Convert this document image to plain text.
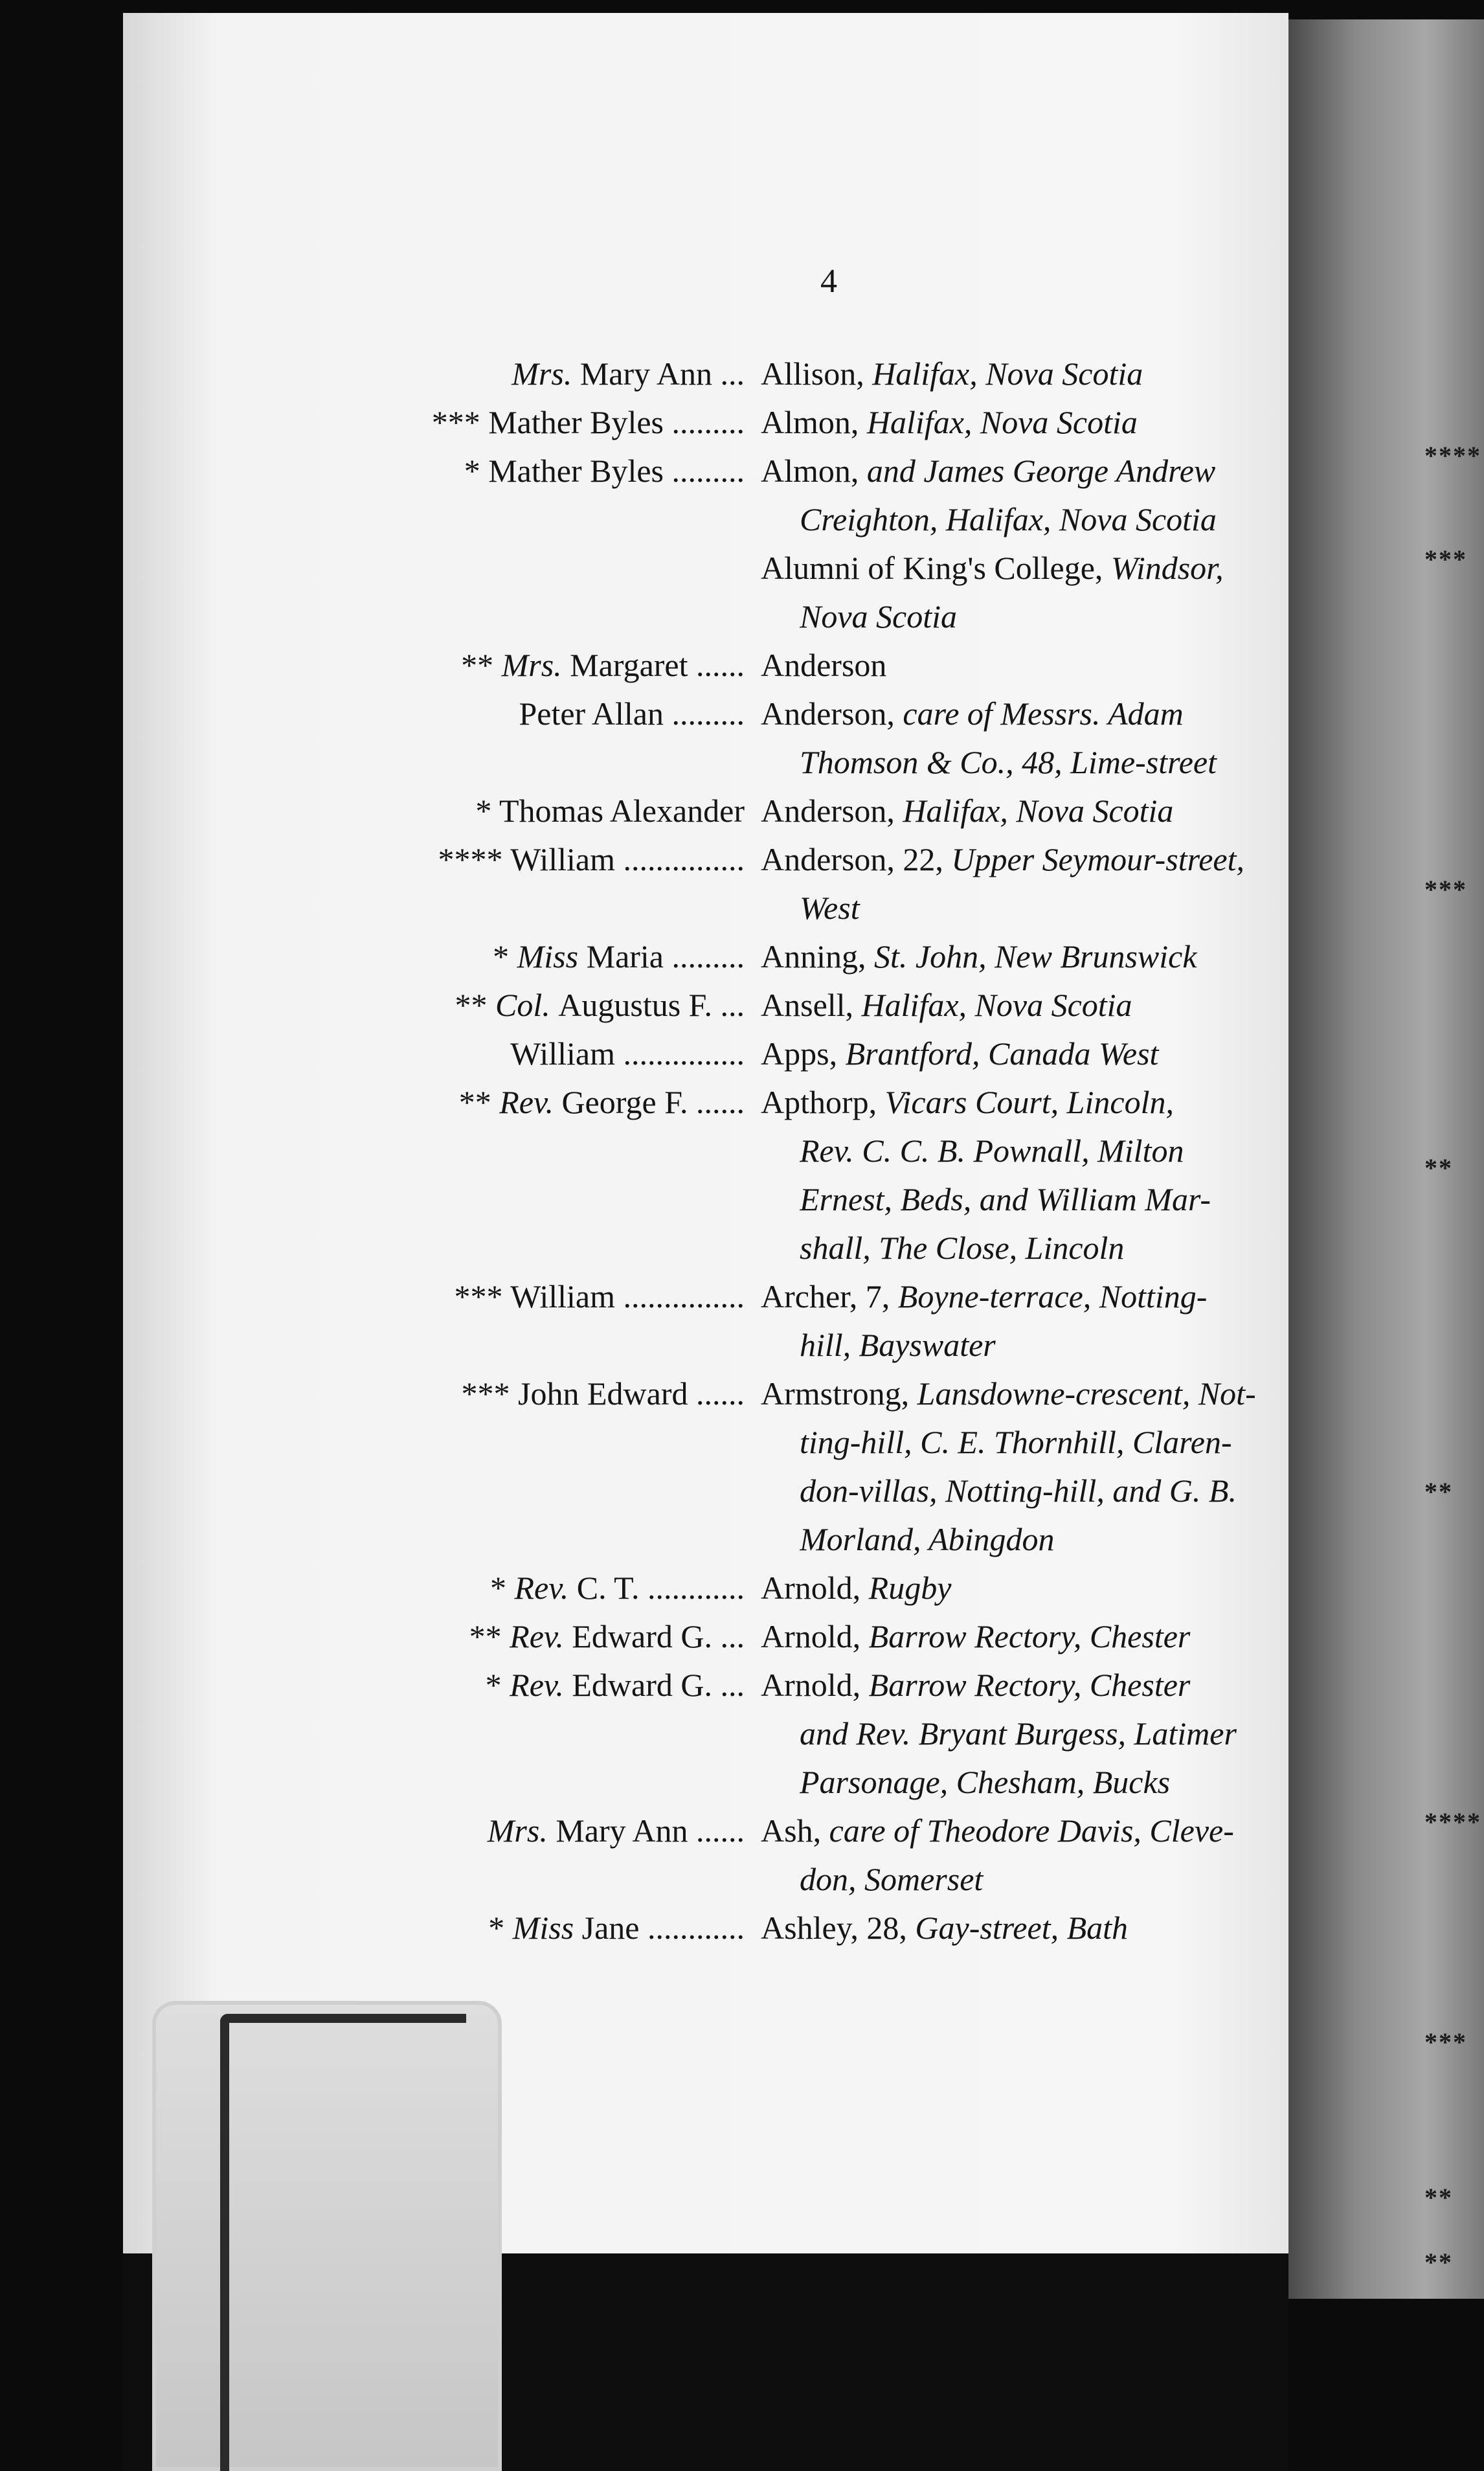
****
***
***
**
**
****
***
**
**
4
Mrs. Mary Ann ... Allison, Halifax, Nova Scotia
*** Mather Byles ......... Almon, Halifax, Nova Scotia
* Mather Byles ......... Almon, and James George Andrew
Creighton, Halifax, Nova Scotia
Alumni of King's College, Windsor,
Nova Scotia
** Mrs. Margaret ...... Anderson
Peter Allan ......... Anderson, care of Messrs. Adam
Thomson & Co., 48, Lime-street
* Thomas Alexander Anderson, Halifax, Nova Scotia
**** William ............... Anderson, 22, Upper Seymour-street,
West
* Miss Maria ......... Anning, St. John, New Brunswick
** Col. Augustus F. ... Ansell, Halifax, Nova Scotia
William ............... Apps, Brantford, Canada West
** Rev. George F. ...... Apthorp, Vicars Court, Lincoln,
Rev. C. C. B. Pownall, Milton
Ernest, Beds, and William Mar-
shall, The Close, Lincoln
*** William ............... Archer, 7, Boyne-terrace, Notting-
hill, Bayswater
*** John Edward ...... Armstrong, Lansdowne-crescent, Not-
ting-hill, C. E. Thornhill, Claren-
don-villas, Notting-hill, and G. B.
Morland, Abingdon
* Rev. C. T. ............ Arnold, Rugby
** Rev. Edward G. ... Arnold, Barrow Rectory, Chester
* Rev. Edward G. ... Arnold, Barrow Rectory, Chester
and Rev. Bryant Burgess, Latimer
Parsonage, Chesham, Bucks
Mrs. Mary Ann ...... Ash, care of Theodore Davis, Cleve-
don, Somerset
* Miss Jane ............ Ashley, 28, Gay-street, Bath
